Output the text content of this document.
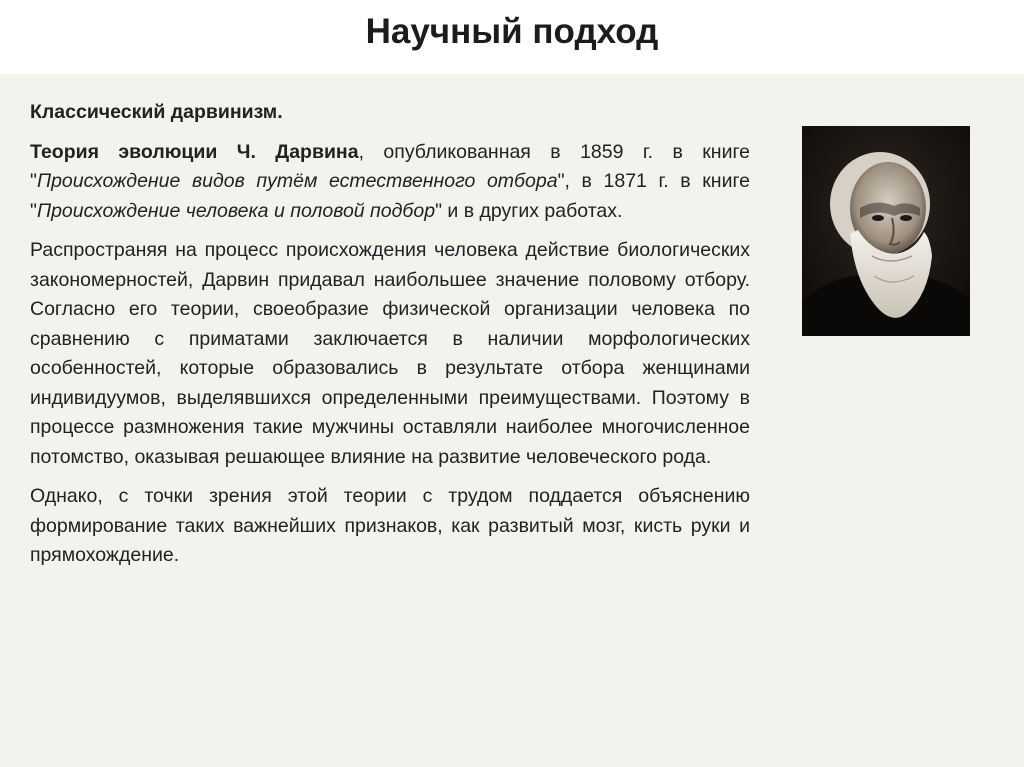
Научный подход

Классический дарвинизм.

Теория эволюции Ч. Дарвина, опубликованная в 1859 г. в книге "Происхождение видов путём естественного отбора", в 1871 г. в книге "Происхождение человека и половой подбор" и в других работах.

Распространяя на процесс происхождения человека действие биологических закономерностей, Дарвин придавал наибольшее значение половому отбору. Согласно его теории, своеобразие физической организации человека по сравнению с приматами заключается в наличии морфологических особенностей, которые образовались в результате отбора женщинами индивидуумов, выделявшихся определенными преимуществами. Поэтому в процессе размножения такие мужчины оставляли наиболее многочисленное потомство, оказывая решающее влияние на развитие человеческого рода.

Однако, с точки зрения этой теории с трудом поддается объяснению формирование таких важнейших признаков, как развитый мозг, кисть руки и прямохождение.
